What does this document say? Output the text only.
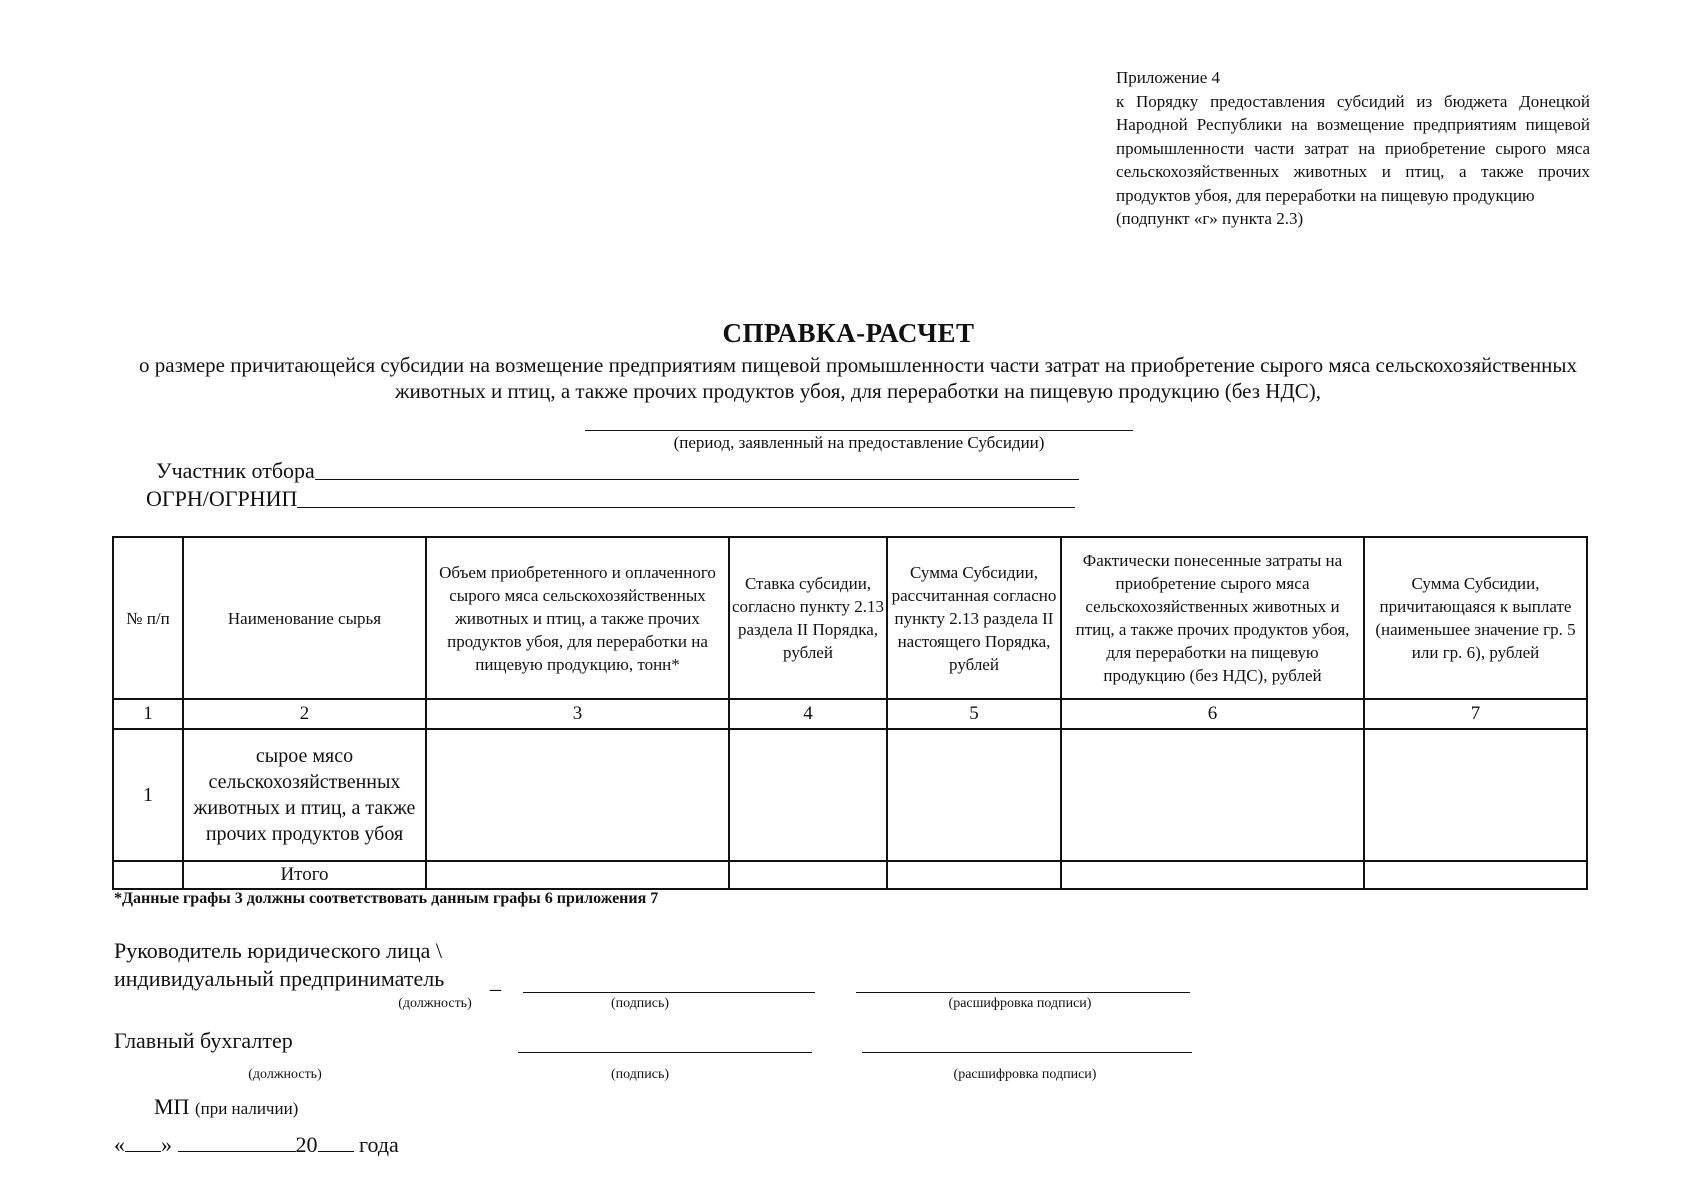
Приложение 4
к Порядку предоставления субсидий из бюджета Донецкой Народной Республики на возмещение предприятиям пищевой промышленности части затрат на приобретение сырого мяса сельскохозяйственных животных и птиц, а также прочих продуктов убоя, для переработки на пищевую продукцию
(подпункт «г» пункта 2.3)
СПРАВКА-РАСЧЕТ
о размере причитающейся субсидии на возмещение предприятиям пищевой промышленности части затрат на приобретение сырого мяса сельскохозяйственных животных и птиц, а также прочих продуктов убоя, для переработки на пищевую продукцию (без НДС),
(период, заявленный на предоставление Субсидии)
Участник отбора
ОГРН/ОГРНИП
№ п/п	Наименование сырья	Объем приобретенного и оплаченного сырого мяса сельскохозяйственных животных и птиц, а также прочих продуктов убоя, для переработки на пищевую продукцию, тонн*	Ставка субсидии, согласно пункту 2.13 раздела II Порядка, рублей	Сумма Субсидии, рассчитанная согласно пункту 2.13 раздела II настоящего Порядка, рублей	Фактически понесенные затраты на приобретение сырого мяса сельскохозяйственных животных и птиц, а также прочих продуктов убоя, для переработки на пищевую продукцию (без НДС), рублей	Сумма Субсидии, причитающаяся к выплате (наименьшее значение гр. 5 или гр. 6), рублей
1	2	3	4	5	6	7
1	сырое мясо сельскохозяйственных животных и птиц, а также прочих продуктов убоя					
	Итого					
*Данные графы 3 должны соответствовать данным графы 6 приложения 7
Руководитель юридического лица \
индивидуальный предприниматель _
(должность)	(подпись)	(расшифровка подписи)
Главный бухгалтер
(должность)	(подпись)	(расшифровка подписи)
МП (при наличии)
« »	20 года
